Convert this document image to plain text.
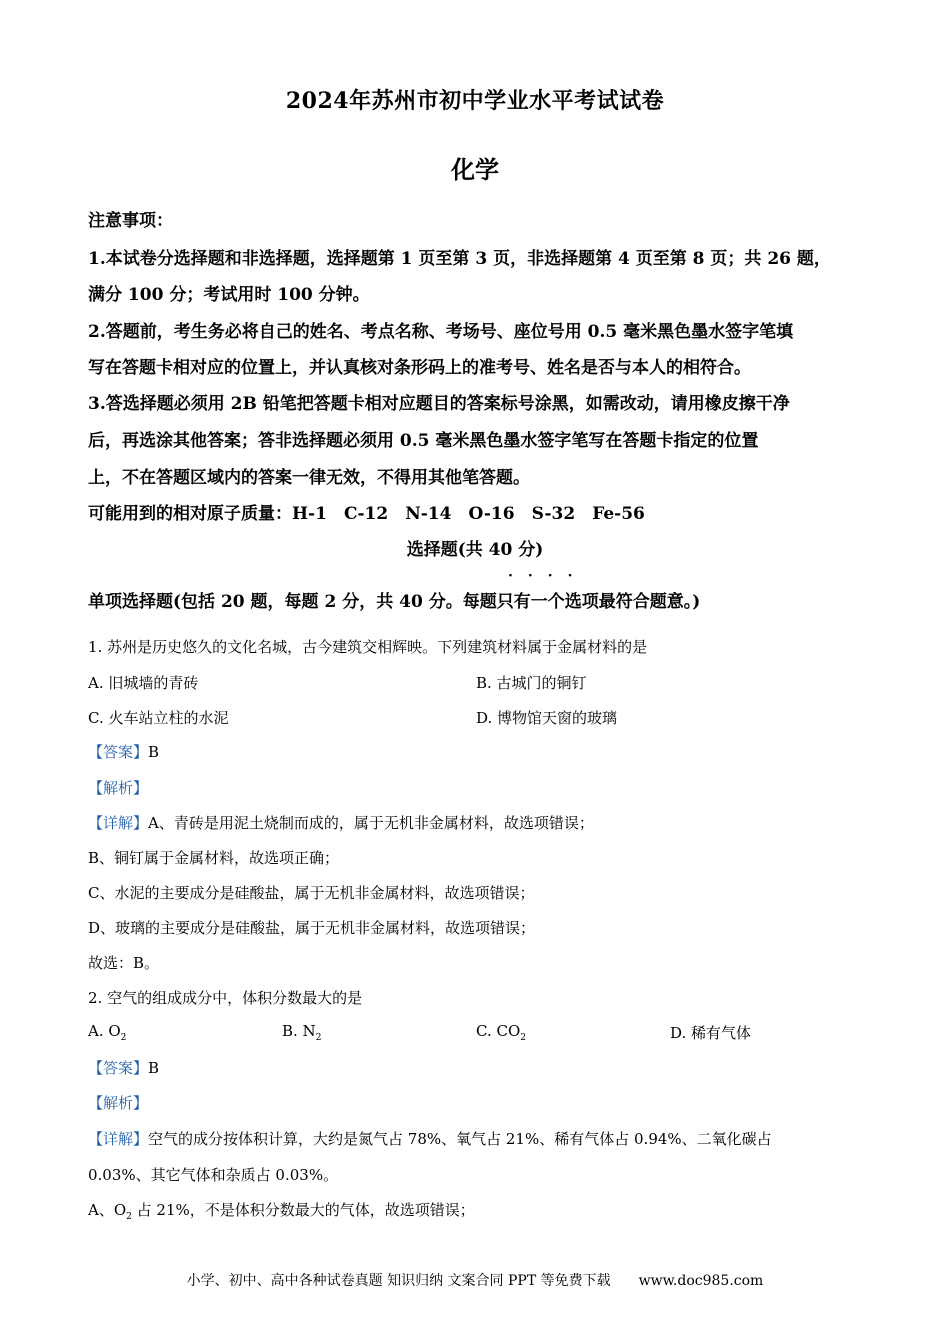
2024年苏州市初中学业水平考试试卷
化学
注意事项：
1.本试卷分选择题和非选择题，选择题第 1 页至第 3 页，非选择题第 4 页至第 8 页；共 26 题，
满分 100 分；考试用时 100 分钟。
2.答题前，考生务必将自己的姓名、考点名称、考场号、座位号用 0.5 毫米黑色墨水签字笔填
写在答题卡相对应的位置上，并认真核对条形码上的准考号、姓名是否与本人的相符合。
3.答选择题必须用 2B 铅笔把答题卡相对应题目的答案标号涂黑，如需改动，请用橡皮擦干净
后，再选涂其他答案；答非选择题必须用 0.5 毫米黑色墨水签字笔写在答题卡指定的位置
上，不在答题区域内的答案一律无效，不得用其他笔答题。
可能用到的相对原子质量：H-1　C-12　N-14　O-16　S-32　Fe-56
选择题(共 40 分)
····
单项选择题(包括 20 题，每题 2 分，共 40 分。每题只有一个选项最符合题意。)
1. 苏州是历史悠久的文化名城，古今建筑交相辉映。下列建筑材料属于金属材料的是
A. 旧城墙的青砖	B. 古城门的铜钉
C. 火车站立柱的水泥	D. 博物馆天窗的玻璃
【答案】B
【解析】
【详解】A、青砖是用泥土烧制而成的，属于无机非金属材料，故选项错误；
B、铜钉属于金属材料，故选项正确；
C、水泥的主要成分是硅酸盐，属于无机非金属材料，故选项错误；
D、玻璃的主要成分是硅酸盐，属于无机非金属材料，故选项错误；
故选：B。
2. 空气的组成成分中，体积分数最大的是
A. $O_2$	B. $N_2$	C. $CO_2$	D. 稀有气体
【答案】B
【解析】
【详解】空气的成分按体积计算，大约是氮气占 78%、氧气占 21%、稀有气体占 0.94%、二氧化碳占
0.03%、其它气体和杂质占 0.03%。
A、$O_2$ 占 21%，不是体积分数最大的气体，故选项错误；
小学、初中、高中各种试卷真题 知识归纳 文案合同 PPT 等免费下载　　www.doc985.com
